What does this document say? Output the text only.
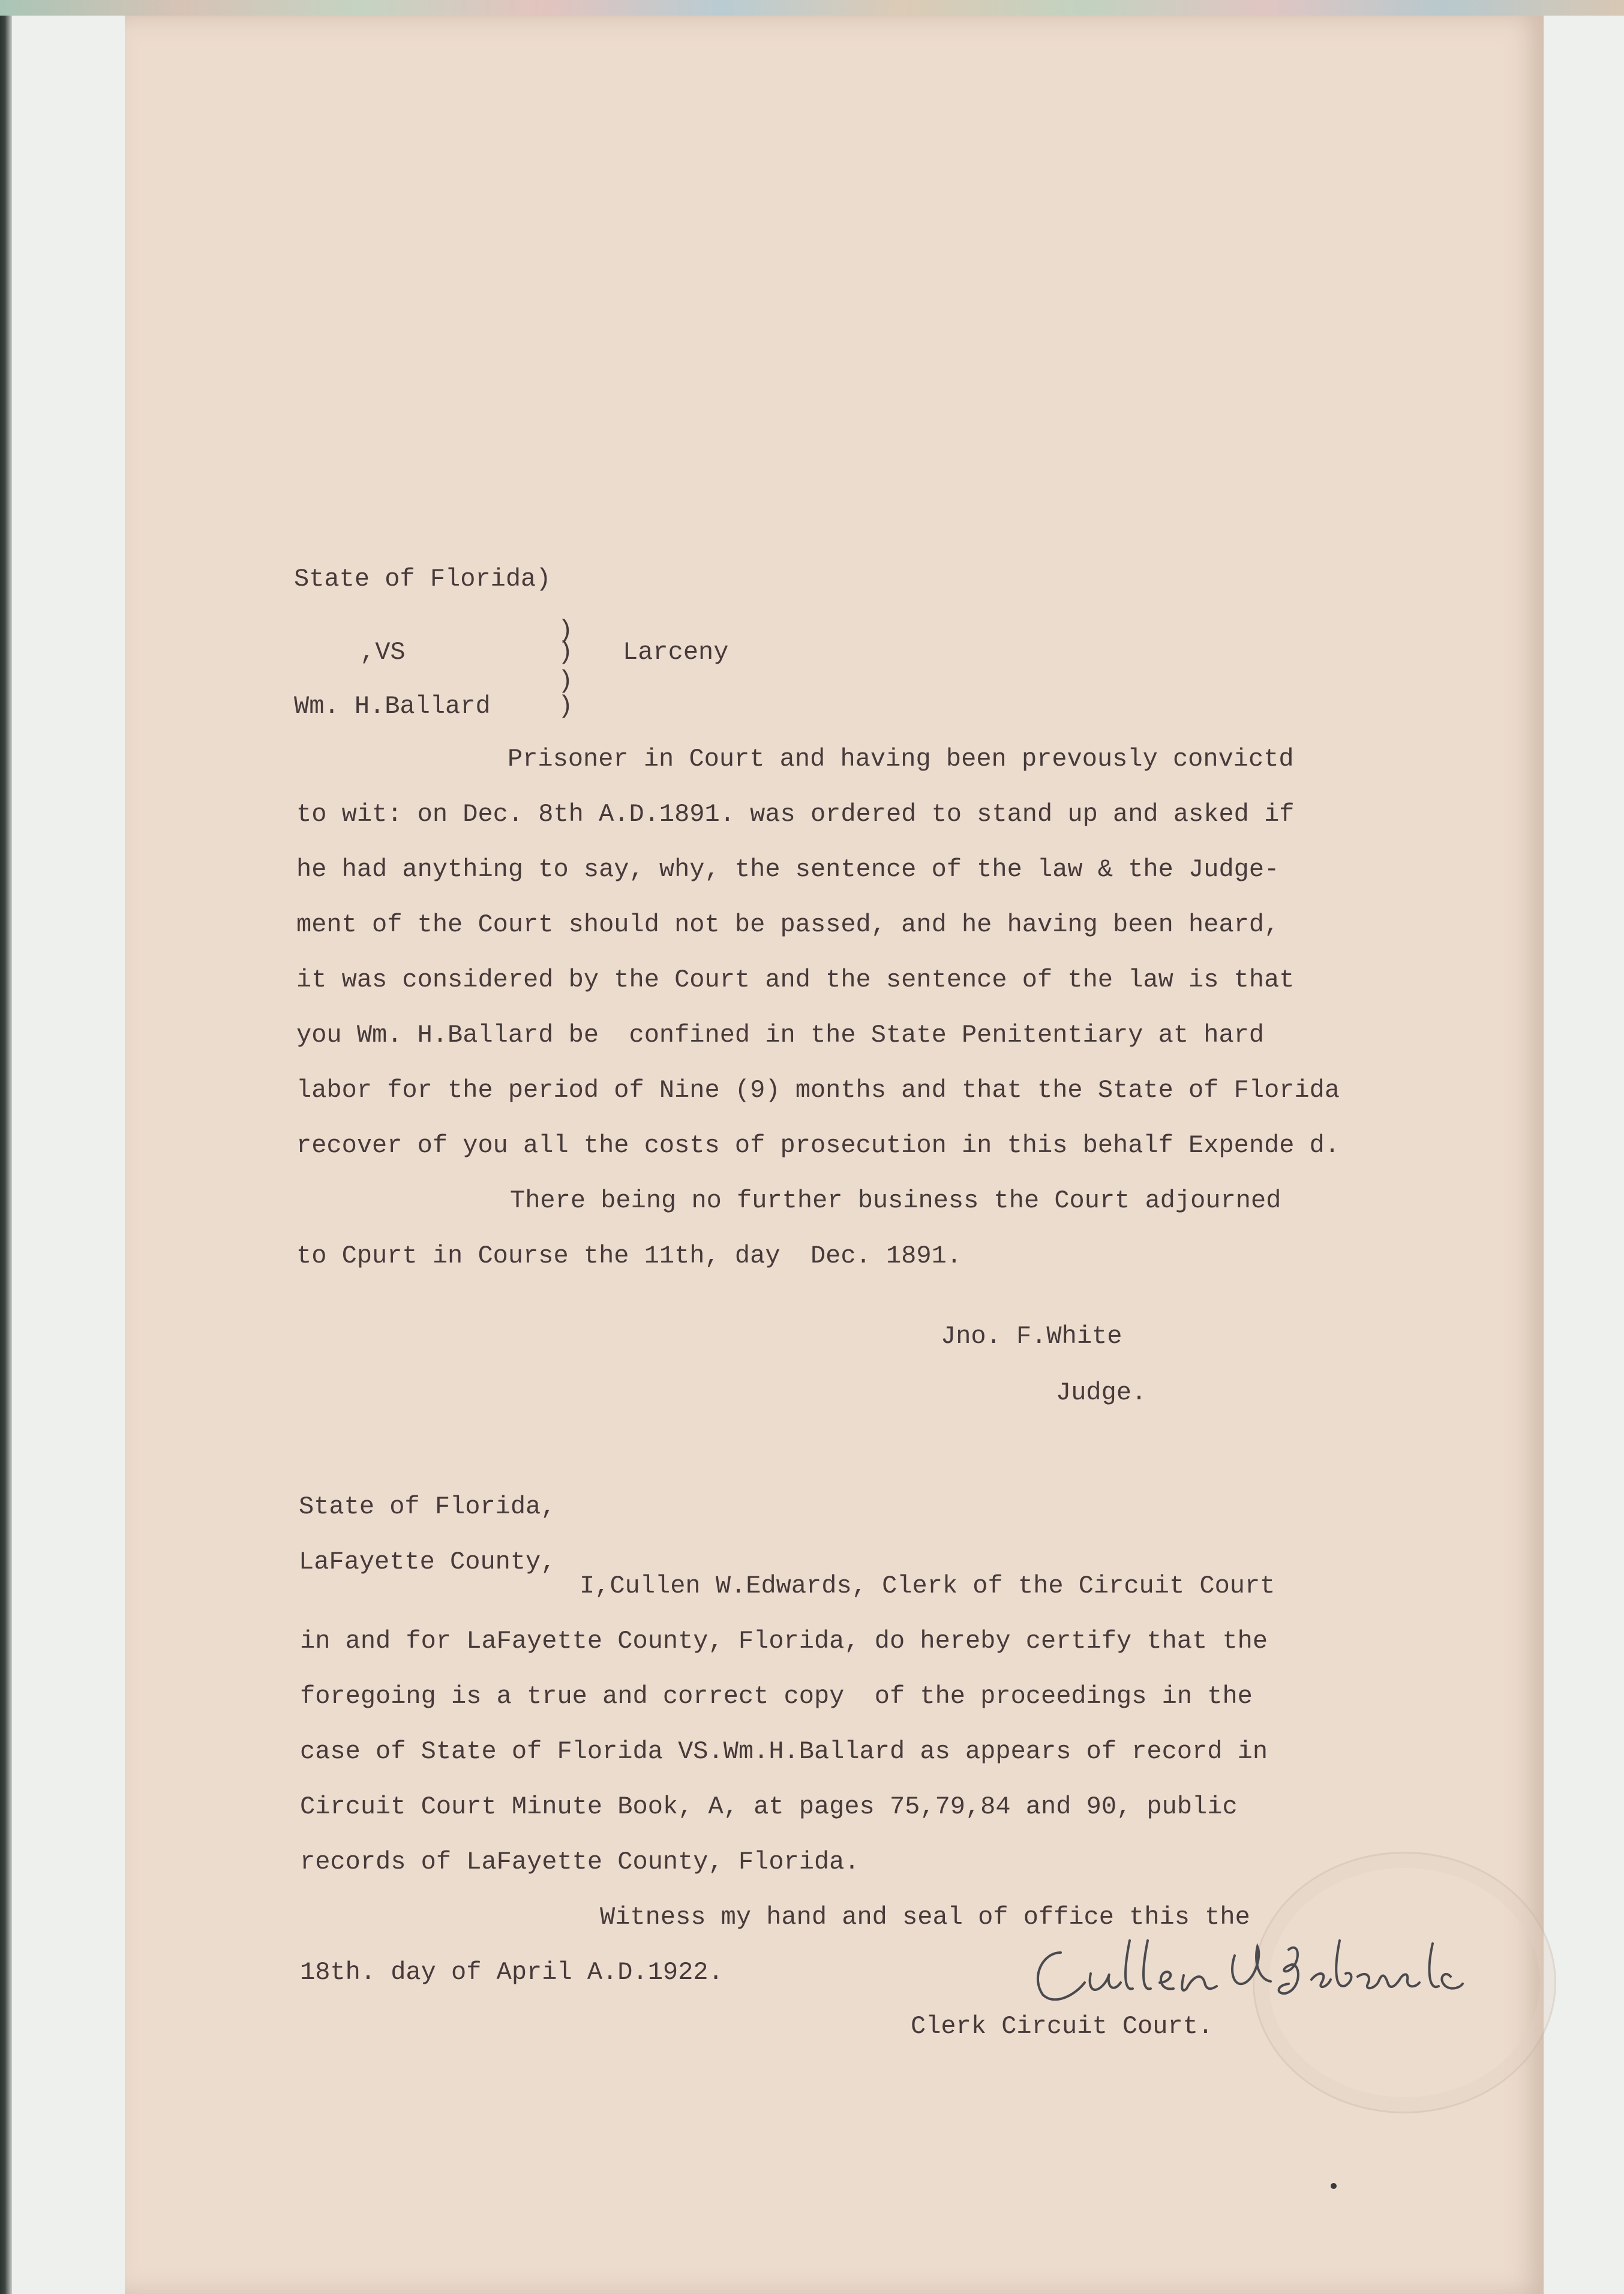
State of Florida)
)
,VS	) Larceny
)
Wm. H.Ballard	)
Prisoner in Court and having been prevously convictd
to wit: on Dec. 8th A.D.1891. was ordered to stand up and asked if
he had anything to say, why, the sentence of the law & the Judge-
ment of the Court should not be passed, and he having been heard,
it was considered by the Court and the sentence of the law is that
you Wm. H.Ballard be  confined in the State Penitentiary at hard
labor for the period of Nine (9) months and that the State of Florida
recover of you all the costs of prosecution in this behalf Expende d.
There being no further business the Court adjourned
to Cpurt in Course the 11th, day  Dec. 1891.
Jno. F.White
Judge.
State of Florida,
LaFayette County,
I,Cullen W.Edwards, Clerk of the Circuit Court
in and for LaFayette County, Florida, do hereby certify that the
foregoing is a true and correct copy  of the proceedings in the
case of State of Florida VS.Wm.H.Ballard as appears of record in
Circuit Court Minute Book, A, at pages 75,79,84 and 90, public
records of LaFayette County, Florida.
Witness my hand and seal of office this the
18th. day of April A.D.1922.
Clerk Circuit Court.
